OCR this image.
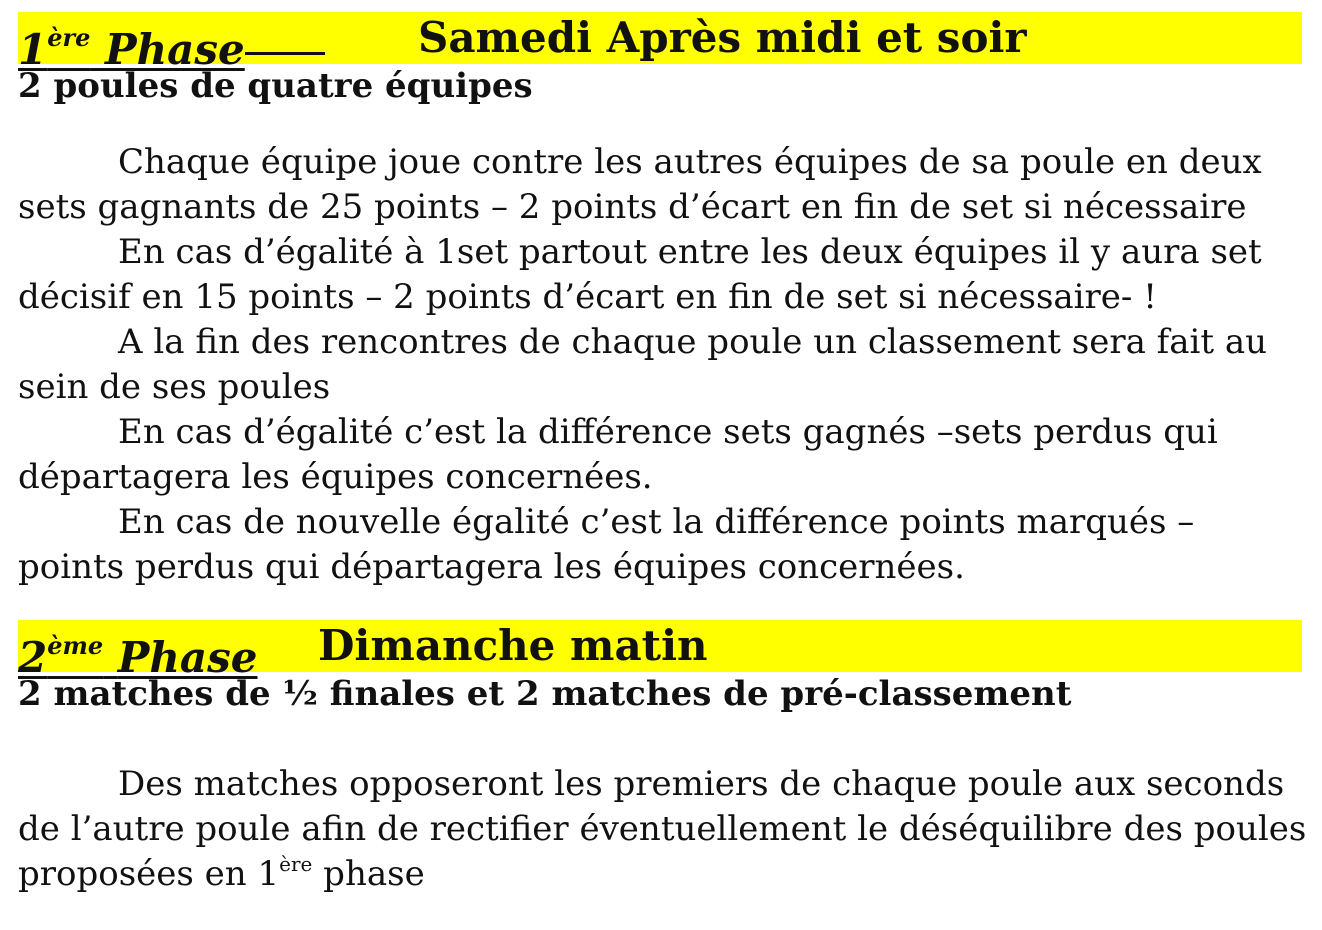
1ère Phase	Samedi Après midi et soir
2 poules de quatre équipes

Chaque équipe joue contre les autres équipes de sa poule en deux sets gagnants de 25 points – 2 points d’écart en fin de set si nécessaire

En cas d’égalité à 1set partout entre les deux équipes il y aura set décisif en 15 points – 2 points d’écart en fin de set si nécessaire- !

A la fin des rencontres de chaque poule un classement sera fait au sein de ses poules

En cas d’égalité c’est la différence sets gagnés –sets perdus qui départagera les équipes concernées.

En cas de nouvelle égalité c’est la différence points marqués – points perdus qui départagera les équipes concernées.

2ème Phase Dimanche matin
2 matches de ½ finales et 2 matches de pré-classement

Des matches opposeront les premiers de chaque poule aux seconds de l’autre poule afin de rectifier éventuellement le déséquilibre des poules proposées en 1ère phase
